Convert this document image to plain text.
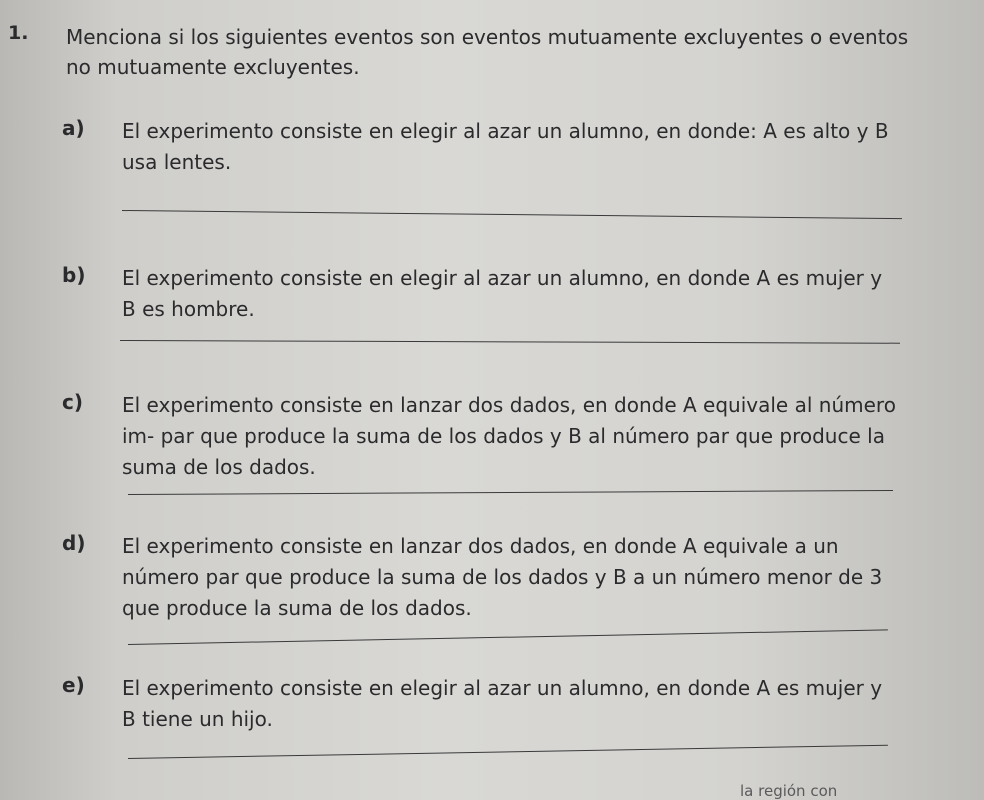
1. Menciona si los siguientes eventos son eventos mutuamente excluyentes o eventos no mutuamente excluyentes.
a) El experimento consiste en elegir al azar un alumno, en donde: A es alto y B usa lentes.
b) El experimento consiste en elegir al azar un alumno, en donde A es mujer y B es hombre.
c) El experimento consiste en lanzar dos dados, en donde A equivale al número im- par que produce la suma de los dados y B al número par que produce la suma de los dados.
d) El experimento consiste en lanzar dos dados, en donde A equivale a un número par que produce la suma de los dados y B a un número menor de 3 que produce la suma de los dados.
e) El experimento consiste en elegir al azar un alumno, en donde A es mujer y B tiene un hijo.
la región con
